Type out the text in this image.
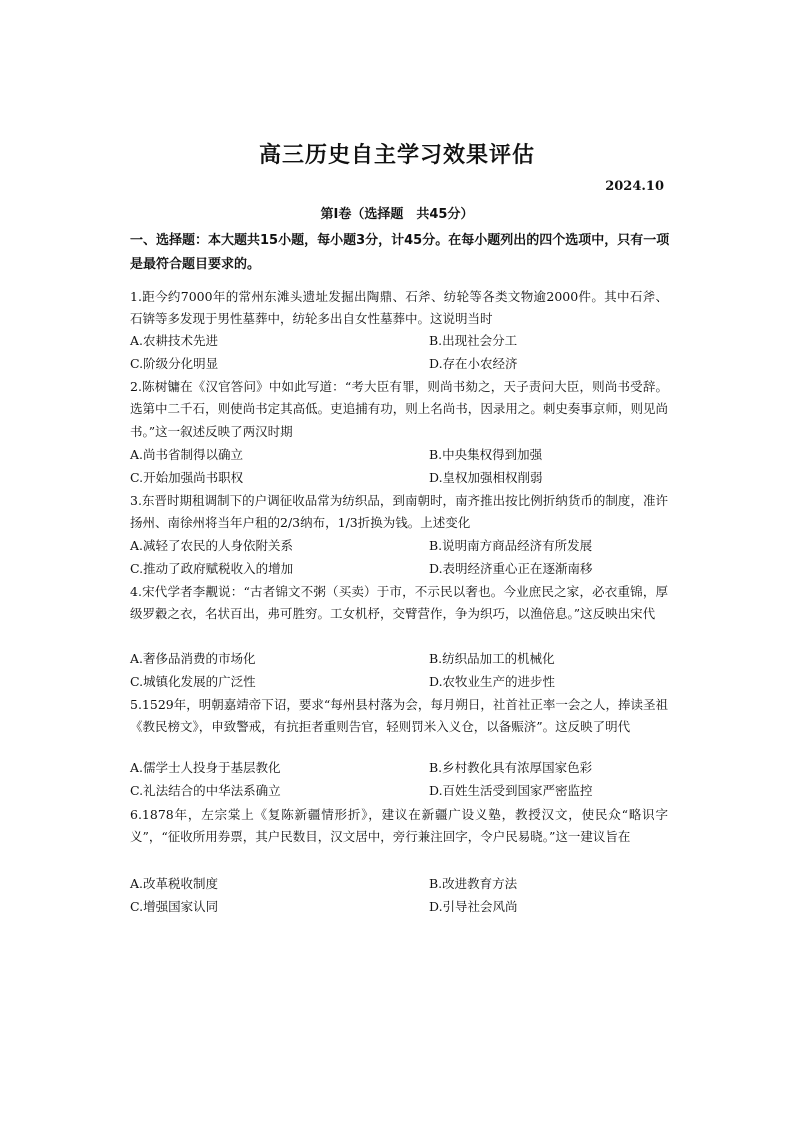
高三历史自主学习效果评估
2024.10
第Ⅰ卷（选择题　共45分）
一、选择题：本大题共15小题，每小题3分，计45分。在每小题列出的四个选项中，只有一项是最符合题目要求的。
1.距今约7000年的常州东滩头遗址发掘出陶鼎、石斧、纺轮等各类文物逾2000件。其中石斧、石锛等多发现于男性墓葬中，纺轮多出自女性墓葬中。这说明当时
A.农耕技术先进	B.出现社会分工
C.阶级分化明显	D.存在小农经济
2.陈树镛在《汉官答问》中如此写道：“考大臣有罪，则尚书劾之，天子责问大臣，则尚书受辞。选第中二千石，则使尚书定其高低。吏追捕有功，则上名尚书，因录用之。刺史奏事京师，则见尚书。”这一叙述反映了两汉时期
A.尚书省制得以确立	B.中央集权得到加强
C.开始加强尚书职权	D.皇权加强相权削弱
3.东晋时期租调制下的户调征收品常为纺织品，到南朝时，南齐推出按比例折纳货币的制度，准许扬州、南徐州将当年户租的2/3纳布，1/3折换为钱。上述变化
A.减轻了农民的人身依附关系	B.说明南方商品经济有所发展
C.推动了政府赋税收入的增加	D.表明经济重心正在逐渐南移
4.宋代学者李觏说：“古者锦文不粥（买卖）于市，不示民以奢也。今业庶民之家，必衣重锦，厚级罗縠之衣，名状百出，弗可胜穷。工女机杼，交臂营作，争为织巧，以渔倍息。”这反映出宋代
A.奢侈品消费的市场化	B.纺织品加工的机械化
C.城镇化发展的广泛性	D.农牧业生产的进步性
5.1529年，明朝嘉靖帝下诏，要求“每州县村落为会，每月朔日，社首社正率一会之人，捧读圣祖《教民榜文》，申致警戒，有抗拒者重则告官，轻则罚米入义仓，以备赈济”。这反映了明代
A.儒学士人投身于基层教化	B.乡村教化具有浓厚国家色彩
C.礼法结合的中华法系确立	D.百姓生活受到国家严密监控
6.1878年，左宗棠上《复陈新疆情形折》，建议在新疆广设义塾，教授汉文，使民众“略识字义”，“征收所用券票，其户民数目，汉文居中，旁行兼注回字，令户民易晓。”这一建议旨在
A.改革税收制度	B.改进教育方法
C.增强国家认同	D.引导社会风尚
